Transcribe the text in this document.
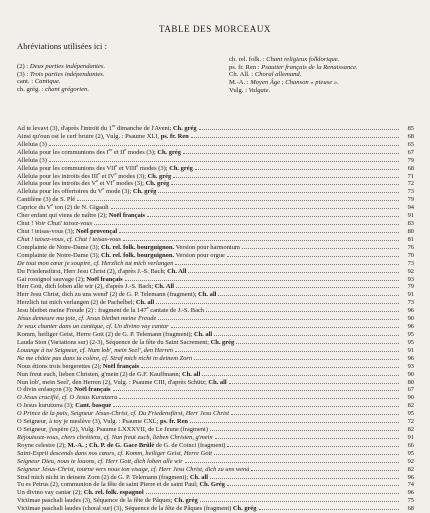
TABLE DES MORCEAUX
Abréviations utilisées ici :
(2) : Deux parties indépendantes.
(3) : Trois parties indépendantes.
cant. : Cantique.
ch. grég. : chant grégorien.
ch. rel. folk. : Chant religieux folklorique.
ps. fr. Ren : Psautier français de la Renaissance.
Ch. All. : Choral allemand.
M.-A. : Moyen Âge ; Chanson « pieuse ».
Vulg. : Vulgate.
Ad te levavi (3), d'après l'introït du 1er dimanche de l'Avent; Ch. grég	85
Ainsi qu'oun ost le cerf bruire (2), Vulg. : Psaume XLI, ps. fr. Ren	68
Alleluia (3)	65
Alleluia pour les communions des Ier et IIe modes (3); Ch. grég	67
Alleluia (3)	79
Alleluia pour les communions des VIIe et VIIIe modes (3); Ch. grég	68
Alleluia pour les introïts des IIIe et IVe modes (3); Ch. grég	71
Alleluia pour les introïts des Ve et VIe modes (3); Ch. grég	72
Alleluia pour les offertoires du Ve mode (3); Ch. grég	73
Cantilène (3) de S. Plé	79
Caprice du Ve ton (2) de N. Gigault	94
Cher enfant qui viens de naître (2); Noël français	91
Chut ! Voir Chut! taisez-vous	83
Chut ! teisas-vous (3); Noël provençal	80
Chut ! taisez-vous, cf. Chut ! teisas-vous	81
Complainte de Notre-Dame (3); Ch. rel. folk. bourguignon. Version pour harmonium	76
Complainte de Notre-Dame (3); Ch. rel. folk. bourguignon. Version pour orgue	70
De tout mon cœur je soupire, cf. Herzlich tut mich verlangen	73
Du Friedensfürst, Herr Jesu Christ (2), d'après J.-S. Bach; Ch. All	92
Gai rossignol sauvage (2); Noël français	93
Herr Gott, dich loben alle wir (2), d'après J.-S. Bach; Ch. All	79
Herr Jesu Christ, dich zu uns wend' (2) de G. P. Telemann (fragment); Ch. all	91
Herzlich tut mich verlangen (2) de Pachelbel; Ch. all	73
Jesu bleibet meine Freude (2) : fragment de la 147e cantate de J.-S. Bach	96
Jésus demeure ma joie, cf. Jesus bleibet meine Freude	90
Je veux chanter dans un cantique, cf. Un divino vay cantar	96
Komm, heiliger Geist, Herre Gott (2) de G. P. Telemann (fragment); Ch. all	95
Lauda Sion (Variations sur) (2-3), Séquence de la fête du Saint Sacrement; Ch. grég	95
Louange à toi Seigneur, cf. Num lob', mein Seel', den Herren	91
Ne me châtie pas dans ta colère, cf. Straf mich nicht in deinem Zorn	96
Nous étions trois bergerettes (2); Noël français	93
Nun freut euch, lieben Christen, g'mein (2) de G.F. Kauffmann; Ch. all	90
Nun lob', mein Seel', den Herren (2), Vulg. : Psaume CIII, d'après Schütz; Ch. all	80
O divin enfançon (3); Noël français	67
O Jésus crucifié, cf. O Jesus Kurutzera	90
O Jesus kurutzera (3); Cant. basque	82
O Prince de la paix, Seigneur Jésus-Christ, cf. Du Friedensfürst, Herr Jesu Christ	95
O Seigneur, à toy je meslève (3), Vulg. : Psaume CXL; ps. fr. Ren	72
O Seigneur, j'espère (2), Vulg. Psaume LXXXVII, de Le Jeune (fragment)	82
Réjouissez-vous, chers chrétiens, cf. Nun freut euch, lieben Christen, g'mein	91
Royne celestre (2); M.-A. ; Ch. P. de G. Gace Brûlé de G. de Coinci (fragment)	66
Saint-Esprit descends dans nos cœurs, cf. Komm, heiliger Geist, Herre Gott	95
Seigneur Dieu, nous te louons, cf. Herr Gott, dich loben alle wir	92
Seigneur Jésus-Christ, tourne vers nous ton visage, cf. Herr Jesu Christ, dich zu uns wend	82
Straf mich nicht in deinem Zorn (2) de G. P. Telemann (fragment); Ch. all	96
Tu es Petrus (2), communion de la fête de saint Pierre et de saint Paul; Ch. Grég	74
Un divino vay cantar (2); Ch. rel. folk. espagnol	96
Victimae paschali laudes (3), Séquence de la fête de Pâques; Ch. grég	75
Victimae paschali laudes (choral sur) (3), Séquence de la fête de Pâques (fragment) Ch. grég	68
